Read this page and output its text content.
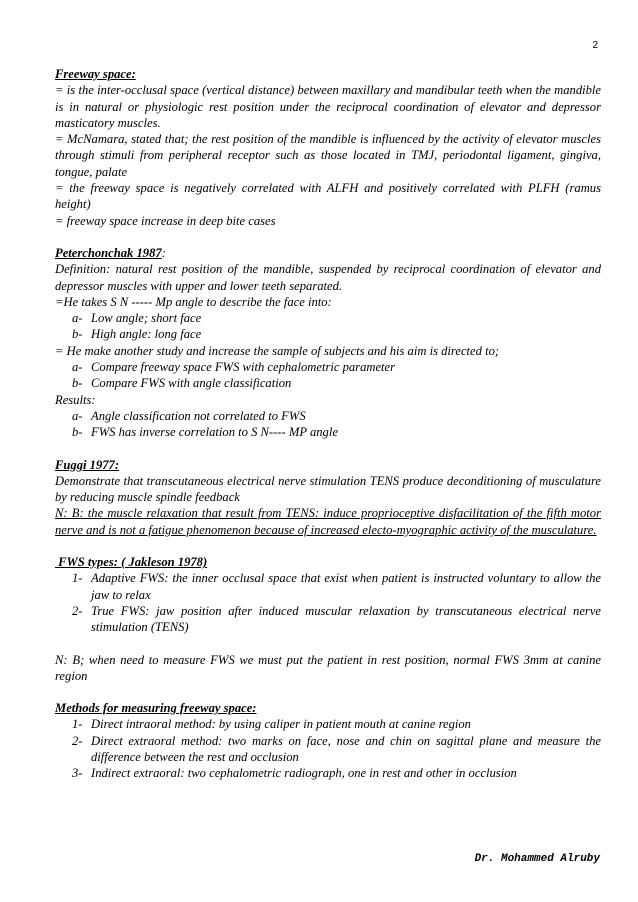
2

Freeway space:

= is the inter-occlusal space (vertical distance) between maxillary and mandibular teeth when the mandible is in natural or physiologic rest position under the reciprocal coordination of elevator and depressor masticatory muscles.

= McNamara, stated that; the rest position of the mandible is influenced by the activity of elevator muscles through stimuli from peripheral receptor such as those located in TMJ, periodontal ligament, gingiva, tongue, palate

= the freeway space is negatively correlated with ALFH and positively correlated with PLFH (ramus height)

= freeway space increase in deep bite cases

Peterchonchak 1987:

Definition: natural rest position of the mandible, suspended by reciprocal coordination of elevator and depressor muscles with upper and lower teeth separated.

=He takes S N ----- Mp angle to describe the face into:

a- Low angle; short face
b- High angle: long face

= He make another study and increase the sample of subjects and his aim is directed to;

a- Compare freeway space FWS with cephalometric parameter
b- Compare FWS with angle classification

Results:

a- Angle classification not correlated to FWS
b- FWS has inverse correlation to S N---- MP angle

Fuggi 1977:

Demonstrate that transcutaneous electrical nerve stimulation TENS produce deconditioning of musculature by reducing muscle spindle feedback

N: B: the muscle relaxation that result from TENS: induce proprioceptive disfacilitation of the fifth motor nerve and is not a fatigue phenomenon because of increased electo-myographic activity of the musculature.

FWS types: ( Jakleson 1978)

1- Adaptive FWS: the inner occlusal space that exist when patient is instructed voluntary to allow the jaw to relax
2- True FWS: jaw position after induced muscular relaxation by transcutaneous electrical nerve stimulation (TENS)

N: B; when need to measure FWS we must put the patient in rest position, normal FWS 3mm at canine region

Methods for measuring freeway space:

1- Direct intraoral method: by using caliper in patient mouth at canine region
2- Direct extraoral method: two marks on face, nose and chin on sagittal plane and measure the difference between the rest and occlusion
3- Indirect extraoral: two cephalometric radiograph, one in rest and other in occlusion
Dr. Mohammed Alruby
